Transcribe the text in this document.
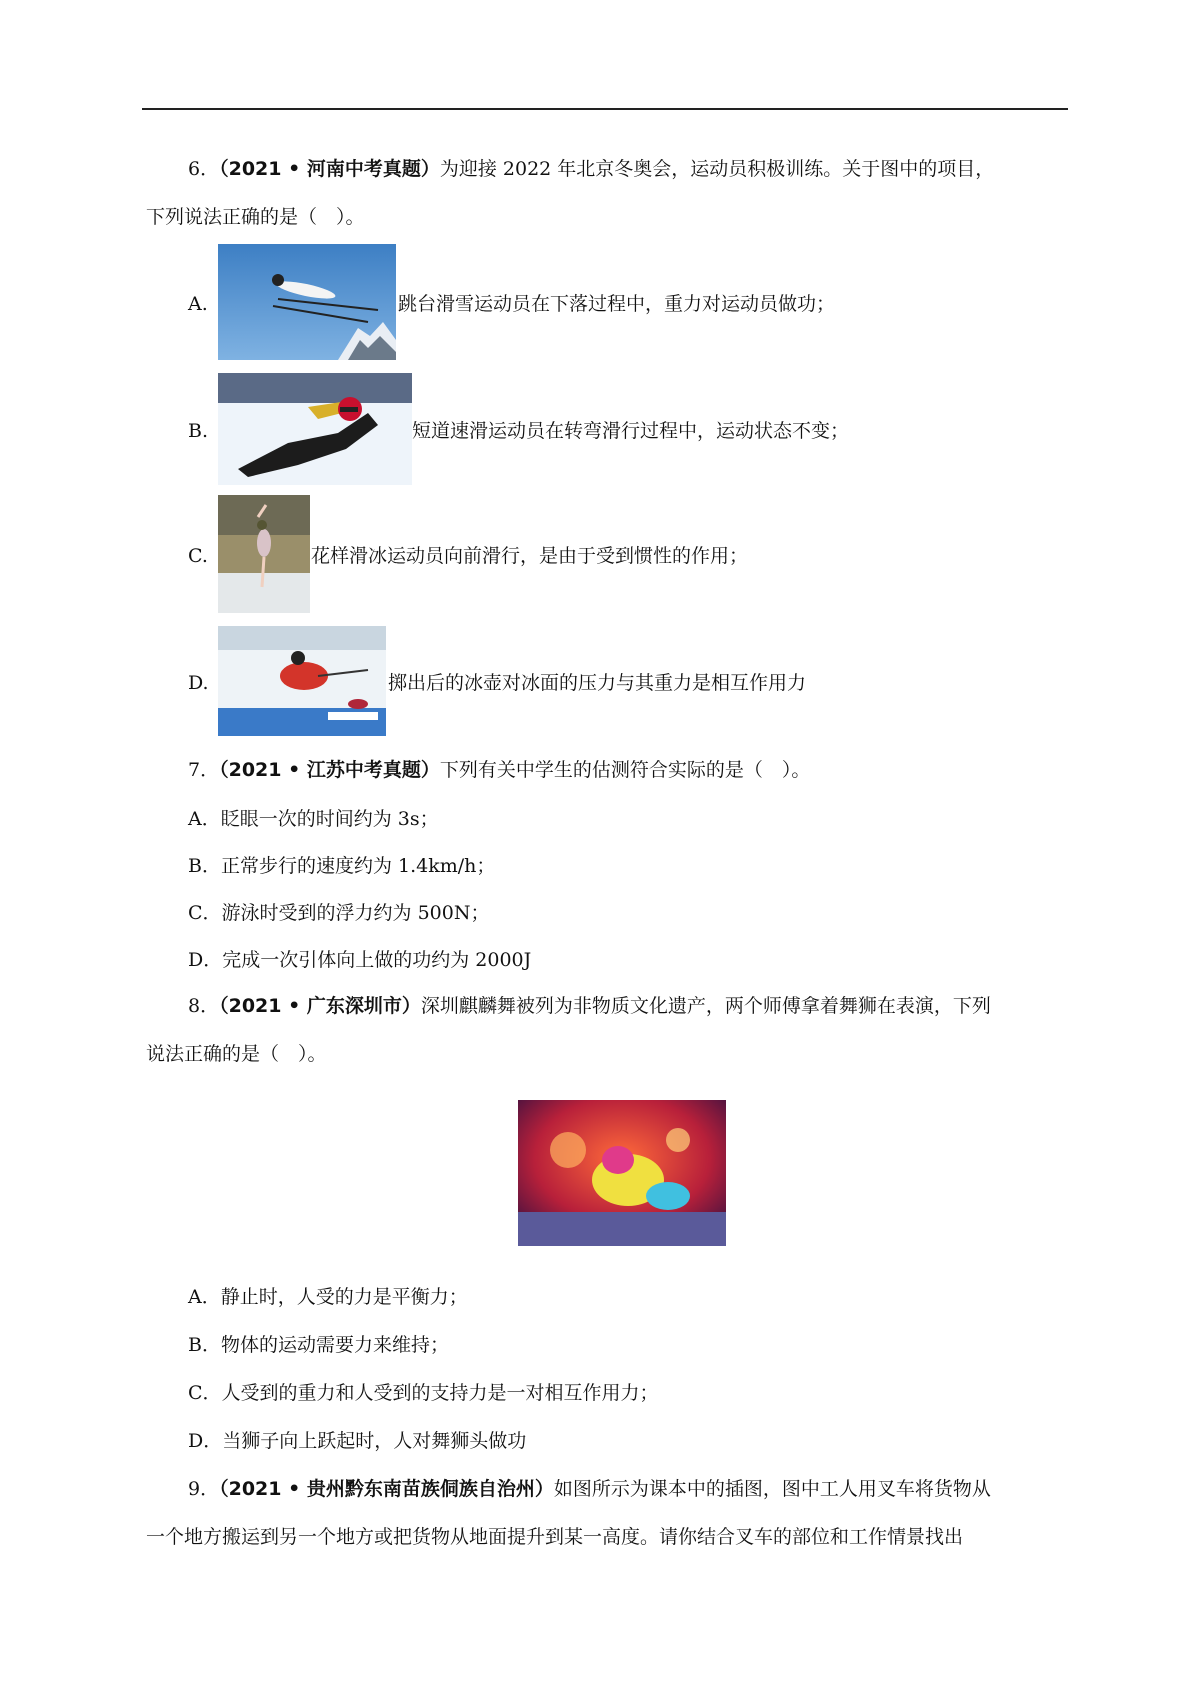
6．（2021 • 河南中考真题）为迎接 2022 年北京冬奥会，运动员积极训练。关于图中的项目，
下列说法正确的是（　）。
A.	跳台滑雪运动员在下落过程中，重力对运动员做功；
B.	短道速滑运动员在转弯滑行过程中，运动状态不变；
C.	花样滑冰运动员向前滑行，是由于受到惯性的作用；
D.	掷出后的冰壶对冰面的压力与其重力是相互作用力
7．（2021 • 江苏中考真题）下列有关中学生的估测符合实际的是（　）。
A．眨眼一次的时间约为 3s；
B．正常步行的速度约为 1.4km/h；
C．游泳时受到的浮力约为 500N；
D．完成一次引体向上做的功约为 2000J
8．（2021 • 广东深圳市）深圳麒麟舞被列为非物质文化遗产，两个师傅拿着舞狮在表演，下列
说法正确的是（　）。
A．静止时，人受的力是平衡力；
B．物体的运动需要力来维持；
C．人受到的重力和人受到的支持力是一对相互作用力；
D．当狮子向上跃起时，人对舞狮头做功
9．（2021 • 贵州黔东南苗族侗族自治州）如图所示为课本中的插图，图中工人用叉车将货物从
一个地方搬运到另一个地方或把货物从地面提升到某一高度。请你结合叉车的部位和工作情景找出
